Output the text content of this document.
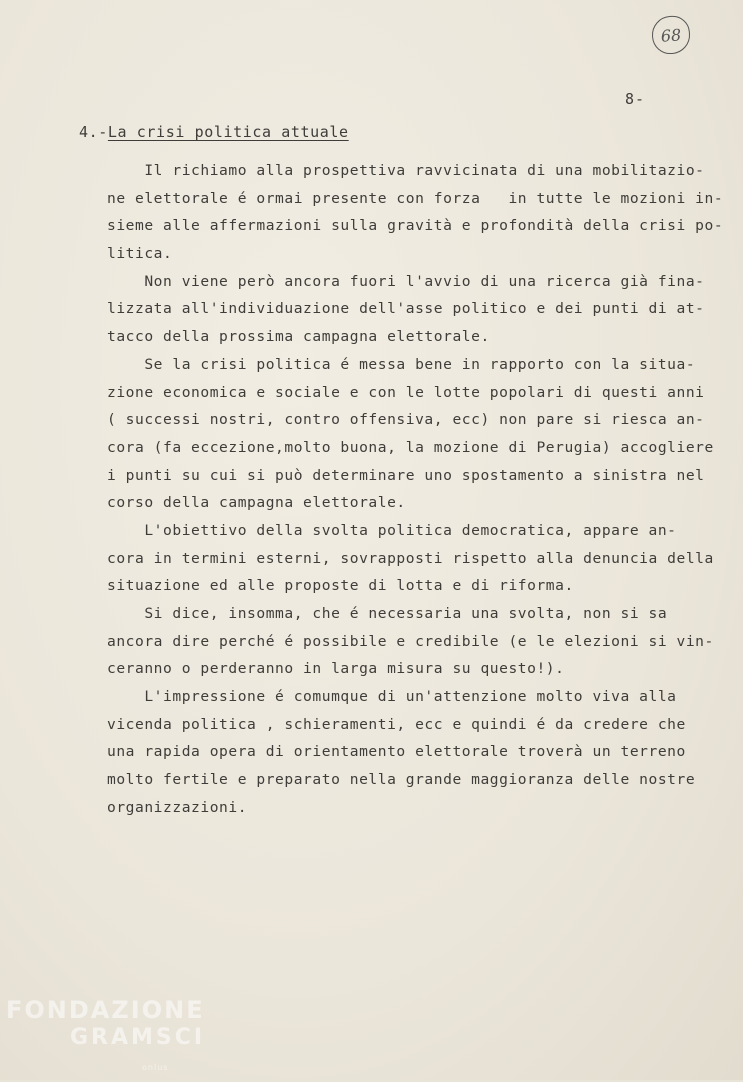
68
8-
4.-La crisi politica attuale
Il richiamo alla prospettiva ravvicinata di una mobilitazio-
ne elettorale é ormai presente con forza   in tutte le mozioni in-
sieme alle affermazioni sulla gravità e profondità della crisi po-
litica.
Non viene però ancora fuori l'avvio di una ricerca già fina-
lizzata all'individuazione dell'asse politico e dei punti di at-
tacco della prossima campagna elettorale.
Se la crisi politica é messa bene in rapporto con la situa-
zione economica e sociale e con le lotte popolari di questi anni
( successi nostri, contro offensiva, ecc) non pare si riesca an-
cora (fa eccezione,molto buona, la mozione di Perugia) accogliere
i punti su cui si può determinare uno spostamento a sinistra nel
corso della campagna elettorale.
L'obiettivo della svolta politica democratica, appare an-
cora in termini esterni, sovrapposti rispetto alla denuncia della
situazione ed alle proposte di lotta e di riforma.
Si dice, insomma, che é necessaria una svolta, non si sa
ancora dire perché é possibile e credibile (e le elezioni si vin-
ceranno o perderanno in larga misura su questo!).
L'impressione é comumque di un'attenzione molto viva alla
vicenda politica , schieramenti, ecc e quindi é da credere che
una rapida opera di orientamento elettorale troverà un terreno
molto fertile e preparato nella grande maggioranza delle nostre
organizzazioni.
FONDAZIONE
GRAMSCI
onlus
